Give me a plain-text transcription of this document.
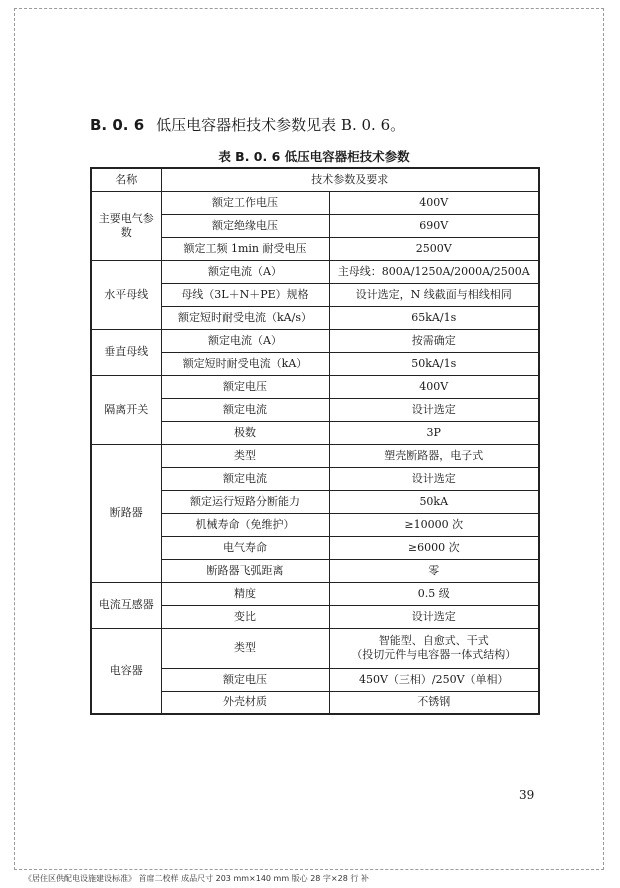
B. 0. 6 低压电容器柜技术参数见表 B. 0. 6。
表 B. 0. 6 低压电容器柜技术参数
名称	技术参数及要求	
主要电气参数	额定工作电压	400V
	额定绝缘电压	690V
	额定工频 1min 耐受电压	2500V
水平母线	额定电流（A）	主母线：800A/1250A/2000A/2500A
	母线（3L＋N＋PE）规格	设计选定，N 线截面与相线相同
	额定短时耐受电流（kA/s）	65kA/1s
垂直母线	额定电流（A）	按需确定
	额定短时耐受电流（kA）	50kA/1s
隔离开关	额定电压	400V
	额定电流	设计选定
	极数	3P
断路器	类型	塑壳断路器，电子式
	额定电流	设计选定
	额定运行短路分断能力	50kA
	机械寿命（免维护）	≥10000 次
	电气寿命	≥6000 次
	断路器飞弧距离	零
电流互感器	精度	0.5 级
	变比	设计选定
电容器	类型	智能型、自愈式、干式
（投切元件与电容器一体式结构）

	额定电压	450V（三相）/250V（单相）
	外壳材质	不锈钢
39
《居住区供配电设施建设标准》 首席二校样 成品尺寸 203 mm×140 mm 版心 28 字×28 行 补
